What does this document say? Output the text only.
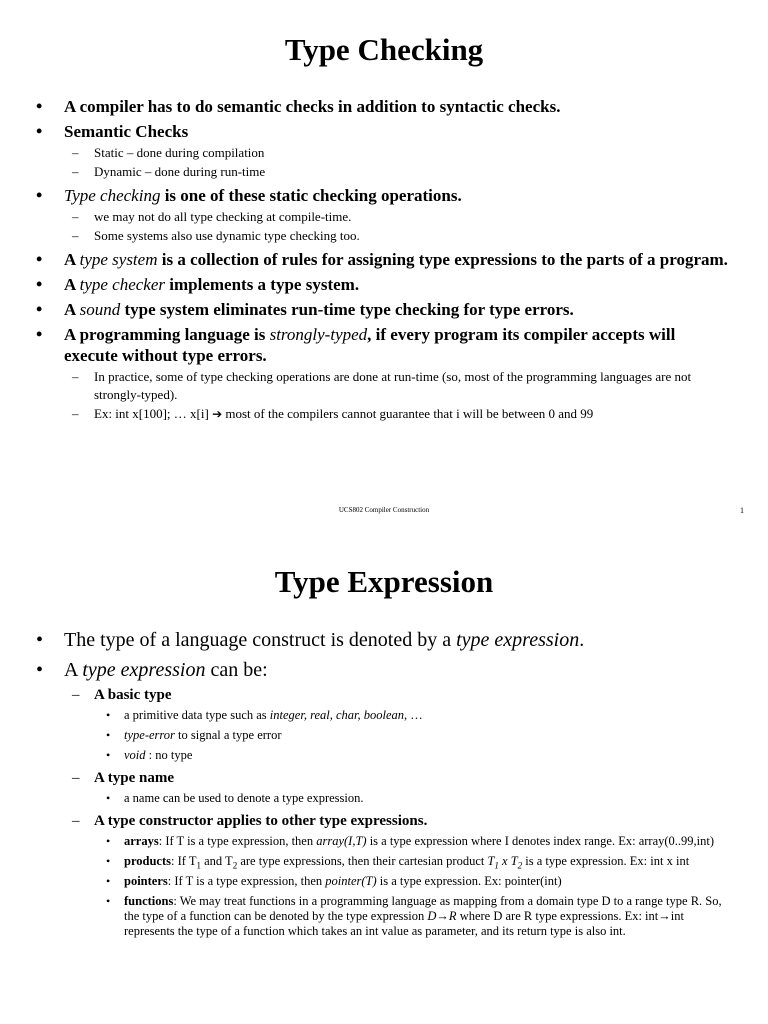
Type Checking
• A compiler has to do semantic checks in addition to syntactic checks.
• Semantic Checks
– Static – done during compilation
– Dynamic – done during run-time
• Type checking is one of these static checking operations.
– we may not do all type checking at compile-time.
– Some systems also use dynamic type checking too.
• A type system is a collection of rules for assigning type expressions to the parts of a program.
• A type checker implements a type system.
• A sound type system eliminates run-time type checking for type errors.
• A programming language is strongly-typed, if every program its compiler accepts will execute without type errors.
– In practice, some of type checking operations are done at run-time (so, most of the programming languages are not strongly-typed).
– Ex: int x[100]; … x[i] ➔ most of the compilers cannot guarantee that i will be between 0 and 99
UCS802 Compiler Construction	1
Type Expression
• The type of a language construct is denoted by a type expression.
• A type expression can be:
– A basic type
• a primitive data type such as integer, real, char, boolean, …
• type-error to signal a type error
• void : no type
– A type name
• a name can be used to denote a type expression.
– A type constructor applies to other type expressions.
• arrays: If T is a type expression, then array(I,T) is a type expression where I denotes index range. Ex: array(0..99,int)
• products: If $T_1$ and $T_2$ are type expressions, then their cartesian product $T_1$ x $T_2$ is a type expression. Ex: int x int
• pointers: If T is a type expression, then pointer(T) is a type expression. Ex: pointer(int)
• functions: We may treat functions in a programming language as mapping from a domain type D to a range type R. So, the type of a function can be denoted by the type expression D→R where D are R type expressions. Ex: int→int represents the type of a function which takes an int value as parameter, and its return type is also int.
